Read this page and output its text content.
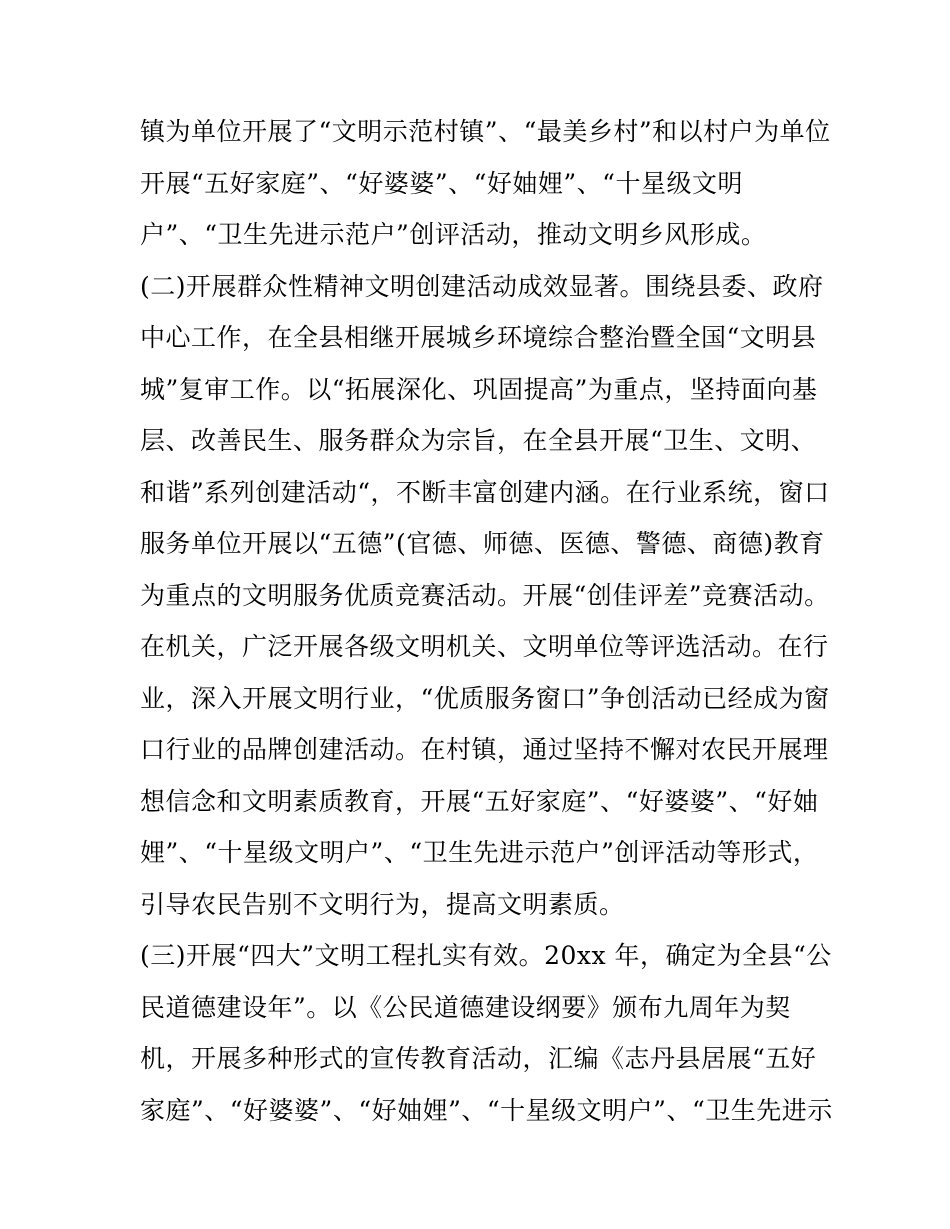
镇为单位开展了“文明示范村镇”、“最美乡村”和以村户为单位
开展“五好家庭”、“好婆婆”、“好妯娌”、“十星级文明
户”、“卫生先进示范户”创评活动，推动文明乡风形成。
(二)开展群众性精神文明创建活动成效显著。围绕县委、政府
中心工作，在全县相继开展城乡环境综合整治暨全国“文明县
城”复审工作。以“拓展深化、巩固提高”为重点，坚持面向基
层、改善民生、服务群众为宗旨，在全县开展“卫生、文明、
和谐”系列创建活动“，不断丰富创建内涵。在行业系统，窗口
服务单位开展以“五德”(官德、师德、医德、警德、商德)教育
为重点的文明服务优质竞赛活动。开展“创佳评差”竞赛活动。
在机关，广泛开展各级文明机关、文明单位等评选活动。在行
业，深入开展文明行业，“优质服务窗口”争创活动已经成为窗
口行业的品牌创建活动。在村镇，通过坚持不懈对农民开展理
想信念和文明素质教育，开展“五好家庭”、“好婆婆”、“好妯
娌”、“十星级文明户”、“卫生先进示范户”创评活动等形式，
引导农民告别不文明行为，提高文明素质。
(三)开展“四大”文明工程扎实有效。20xx 年，确定为全县“公
民道德建设年”。以《公民道德建设纲要》颁布九周年为契
机，开展多种形式的宣传教育活动，汇编《志丹县居展“五好
家庭”、“好婆婆”、“好妯娌”、“十星级文明户”、“卫生先进示
